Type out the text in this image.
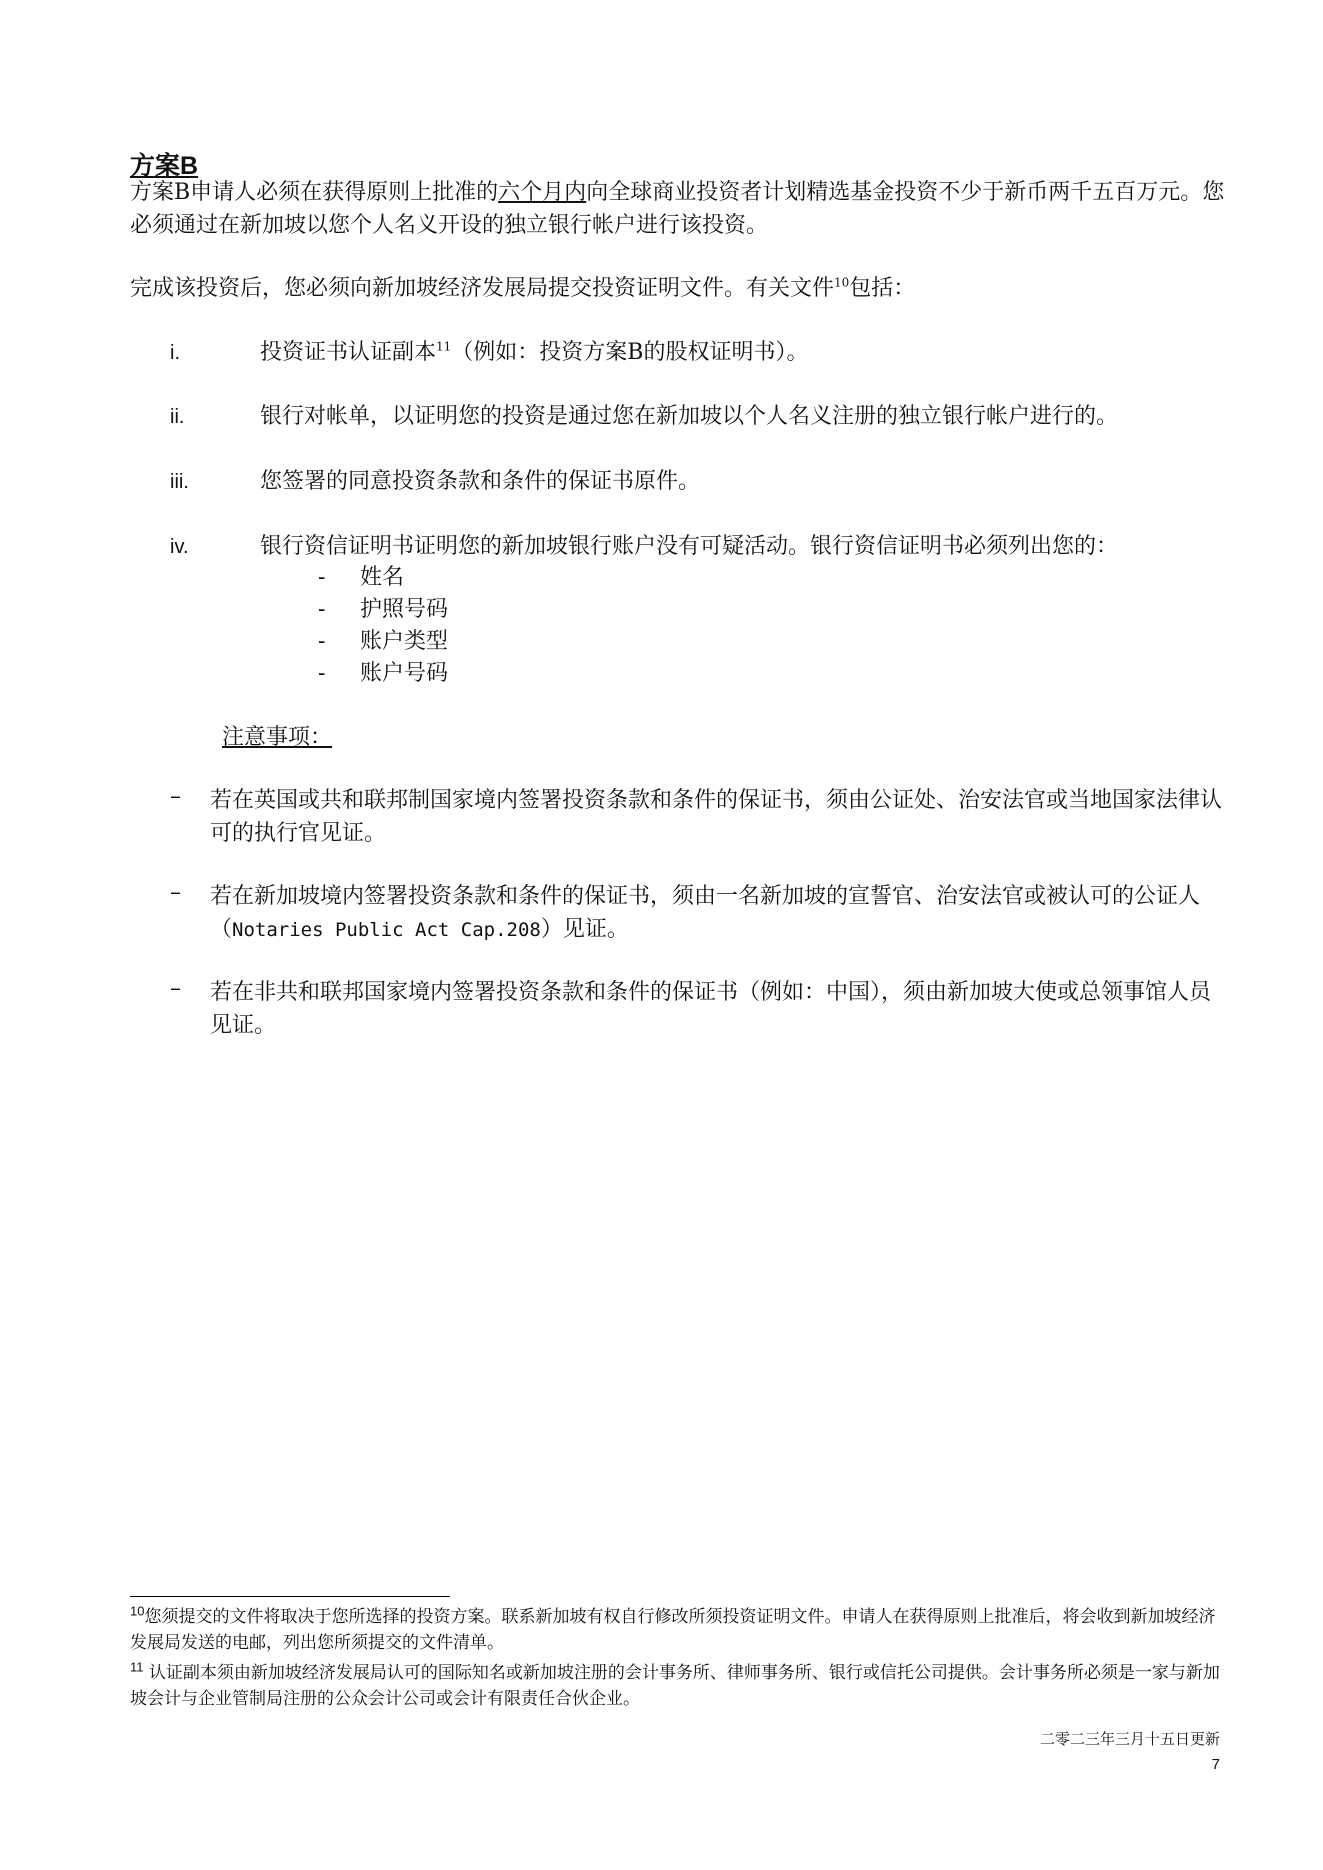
方案B
方案B申请人必须在获得原则上批准的六个月内向全球商业投资者计划精选基金投资不少于新币两千五百万元。您必须通过在新加坡以您个人名义开设的独立银行帐户进行该投资。
完成该投资后，您必须向新加坡经济发展局提交投资证明文件。有关文件$^{10}$包括：
i.	投资证书认证副本$^{11}$（例如：投资方案B的股权证明书）。
ii.	银行对帐单，以证明您的投资是通过您在新加坡以个人名义注册的独立银行帐户进行的。
iii.	您签署的同意投资条款和条件的保证书原件。
iv.	银行资信证明书证明您的新加坡银行账户没有可疑活动。银行资信证明书必须列出您的：
- 姓名
- 护照号码
- 账户类型
- 账户号码
注意事项：
– 若在英国或共和联邦制国家境内签署投资条款和条件的保证书，须由公证处、治安法官或当地国家法律认可的执行官见证。
– 若在新加坡境内签署投资条款和条件的保证书，须由一名新加坡的宣誓官、治安法官或被认可的公证人（Notaries Public Act Cap.208）见证。
– 若在非共和联邦国家境内签署投资条款和条件的保证书（例如：中国），须由新加坡大使或总领事馆人员见证。
$^{10}$您须提交的文件将取决于您所选择的投资方案。联系新加坡有权自行修改所须投资证明文件。申请人在获得原则上批准后，将会收到新加坡经济发展局发送的电邮，列出您所须提交的文件清单。
$^{11}$ 认证副本须由新加坡经济发展局认可的国际知名或新加坡注册的会计事务所、律师事务所、银行或信托公司提供。会计事务所必须是一家与新加坡会计与企业管制局注册的公众会计公司或会计有限责任合伙企业。
二零二三年三月十五日更新
7
